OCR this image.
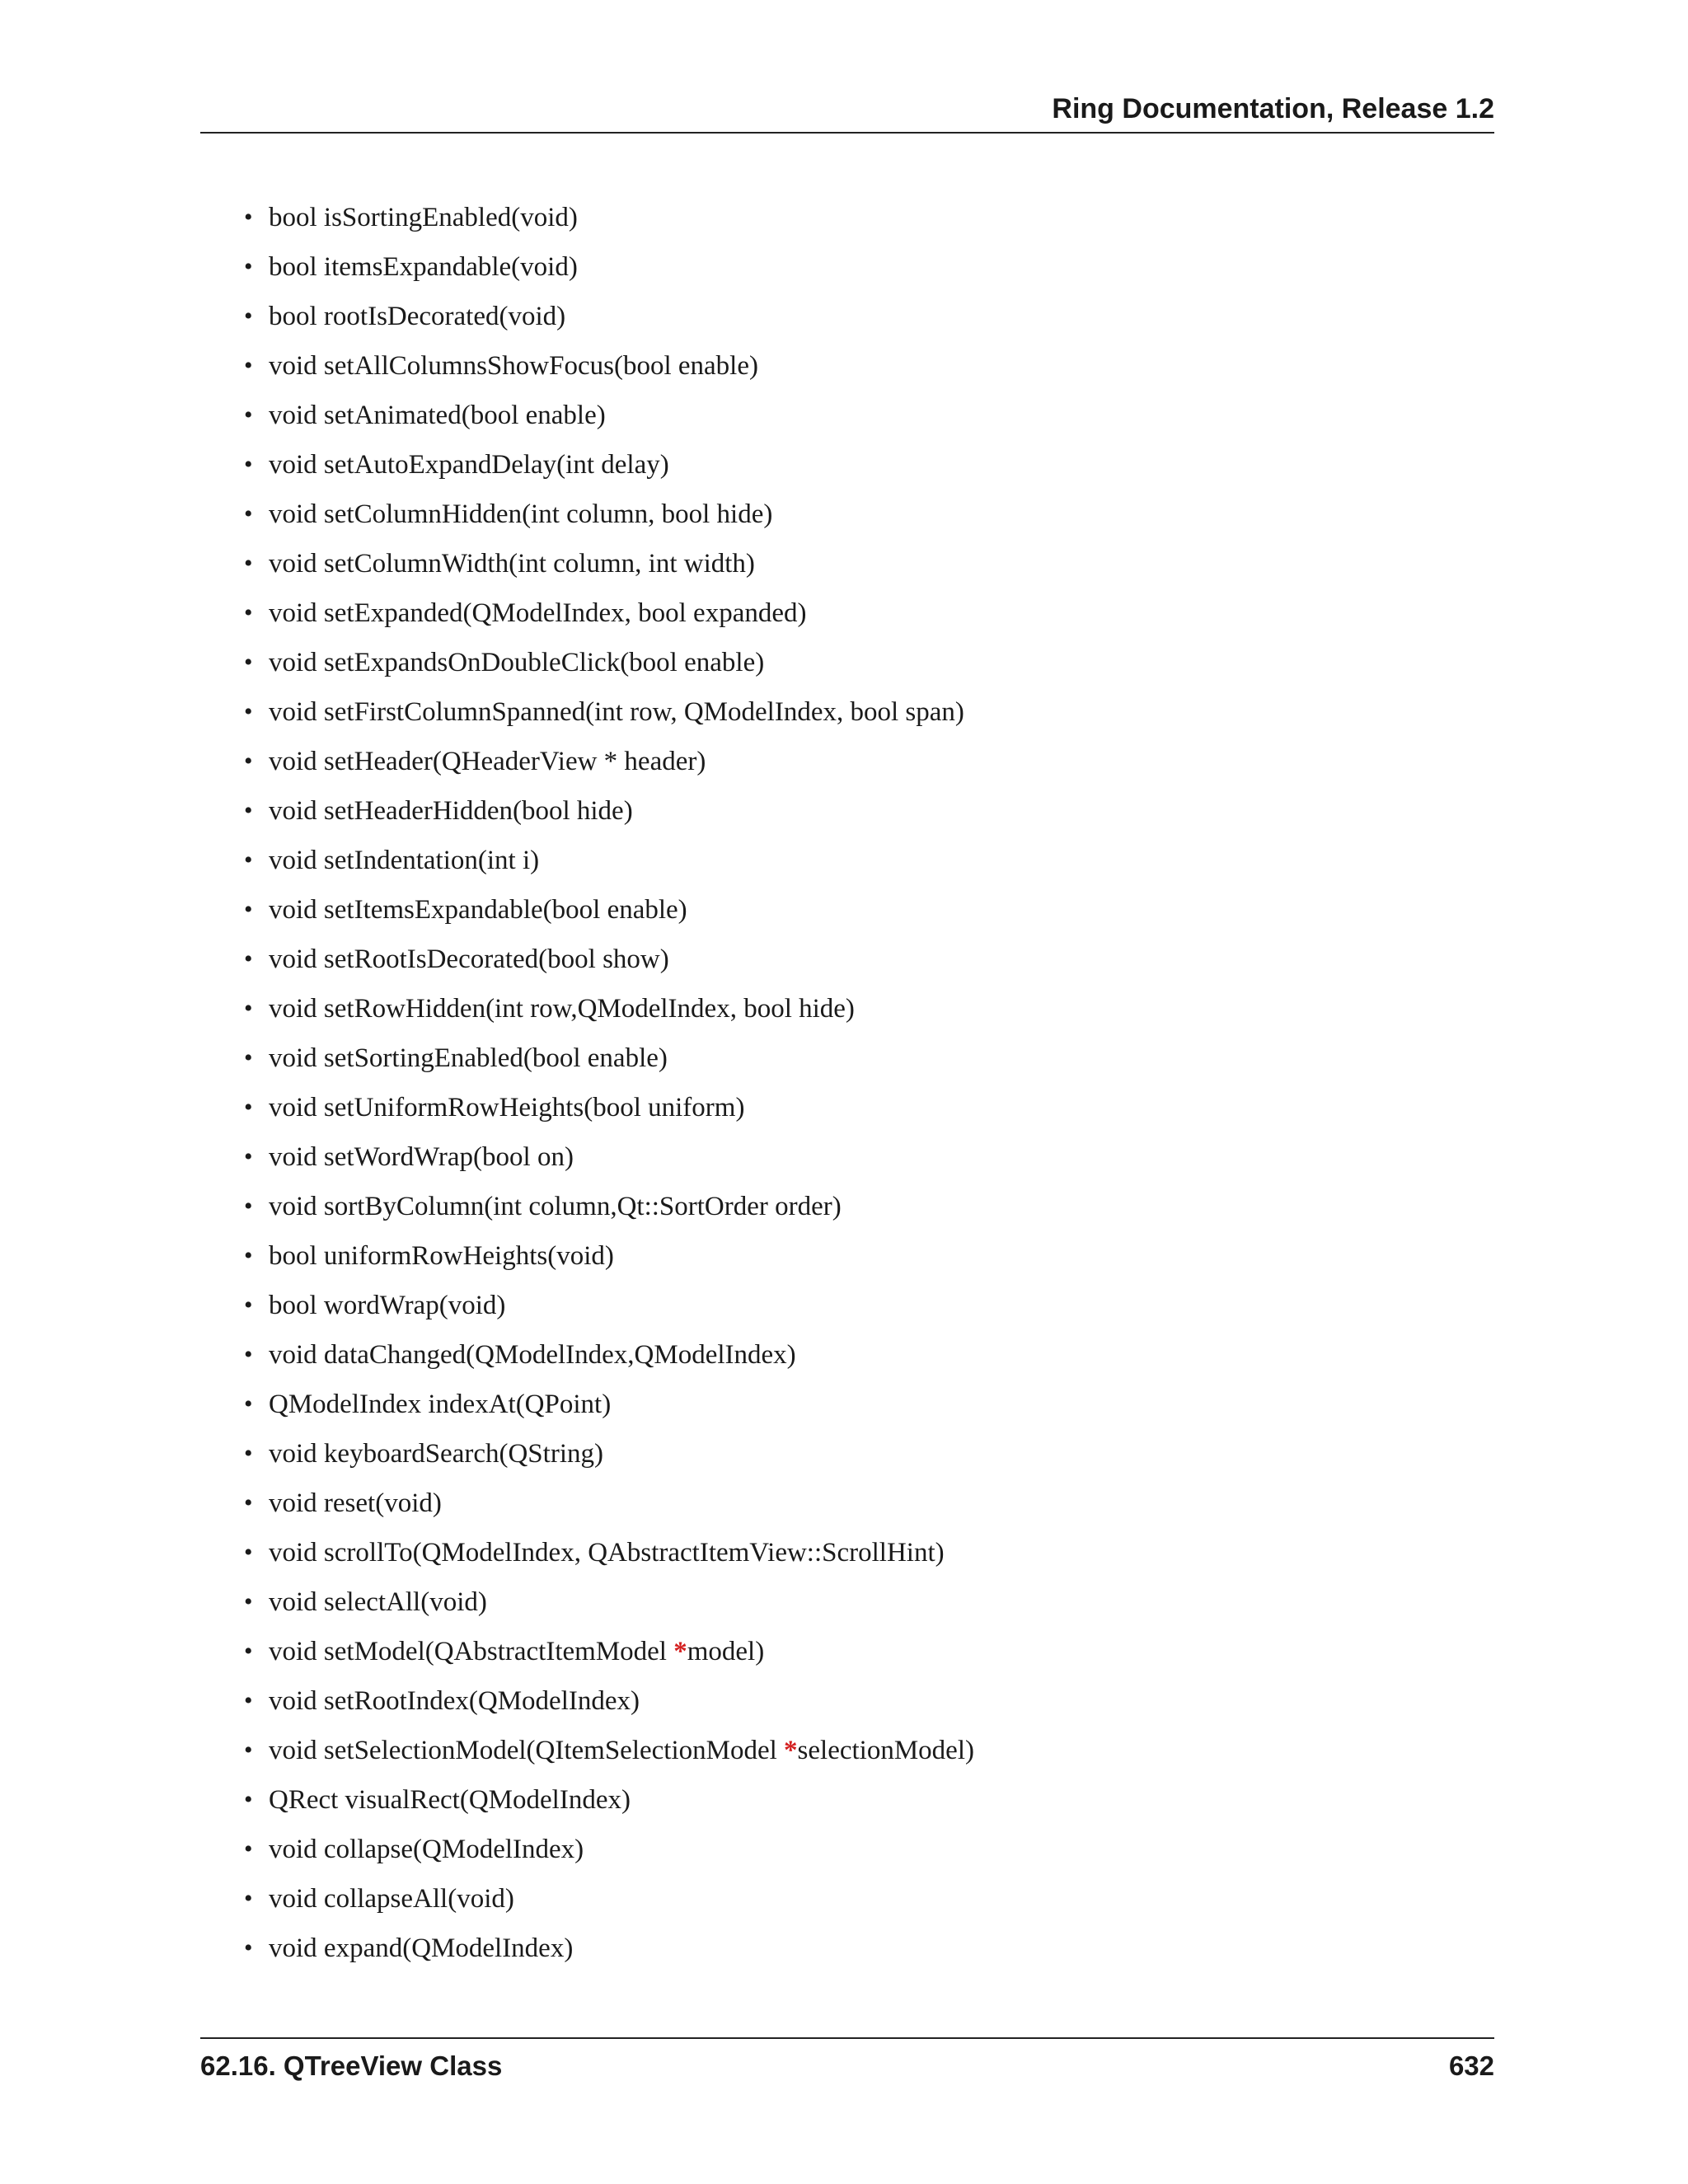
Ring Documentation, Release 1.2
• bool isSortingEnabled(void)
• bool itemsExpandable(void)
• bool rootIsDecorated(void)
• void setAllColumnsShowFocus(bool enable)
• void setAnimated(bool enable)
• void setAutoExpandDelay(int delay)
• void setColumnHidden(int column, bool hide)
• void setColumnWidth(int column, int width)
• void setExpanded(QModelIndex, bool expanded)
• void setExpandsOnDoubleClick(bool enable)
• void setFirstColumnSpanned(int row, QModelIndex, bool span)
• void setHeader(QHeaderView * header)
• void setHeaderHidden(bool hide)
• void setIndentation(int i)
• void setItemsExpandable(bool enable)
• void setRootIsDecorated(bool show)
• void setRowHidden(int row,QModelIndex, bool hide)
• void setSortingEnabled(bool enable)
• void setUniformRowHeights(bool uniform)
• void setWordWrap(bool on)
• void sortByColumn(int column,Qt::SortOrder order)
• bool uniformRowHeights(void)
• bool wordWrap(void)
• void dataChanged(QModelIndex,QModelIndex)
• QModelIndex indexAt(QPoint)
• void keyboardSearch(QString)
• void reset(void)
• void scrollTo(QModelIndex, QAbstractItemView::ScrollHint)
• void selectAll(void)
• void setModel(QAbstractItemModel *model)
• void setRootIndex(QModelIndex)
• void setSelectionModel(QItemSelectionModel *selectionModel)
• QRect visualRect(QModelIndex)
• void collapse(QModelIndex)
• void collapseAll(void)
• void expand(QModelIndex)
62.16. QTreeView Class	632
